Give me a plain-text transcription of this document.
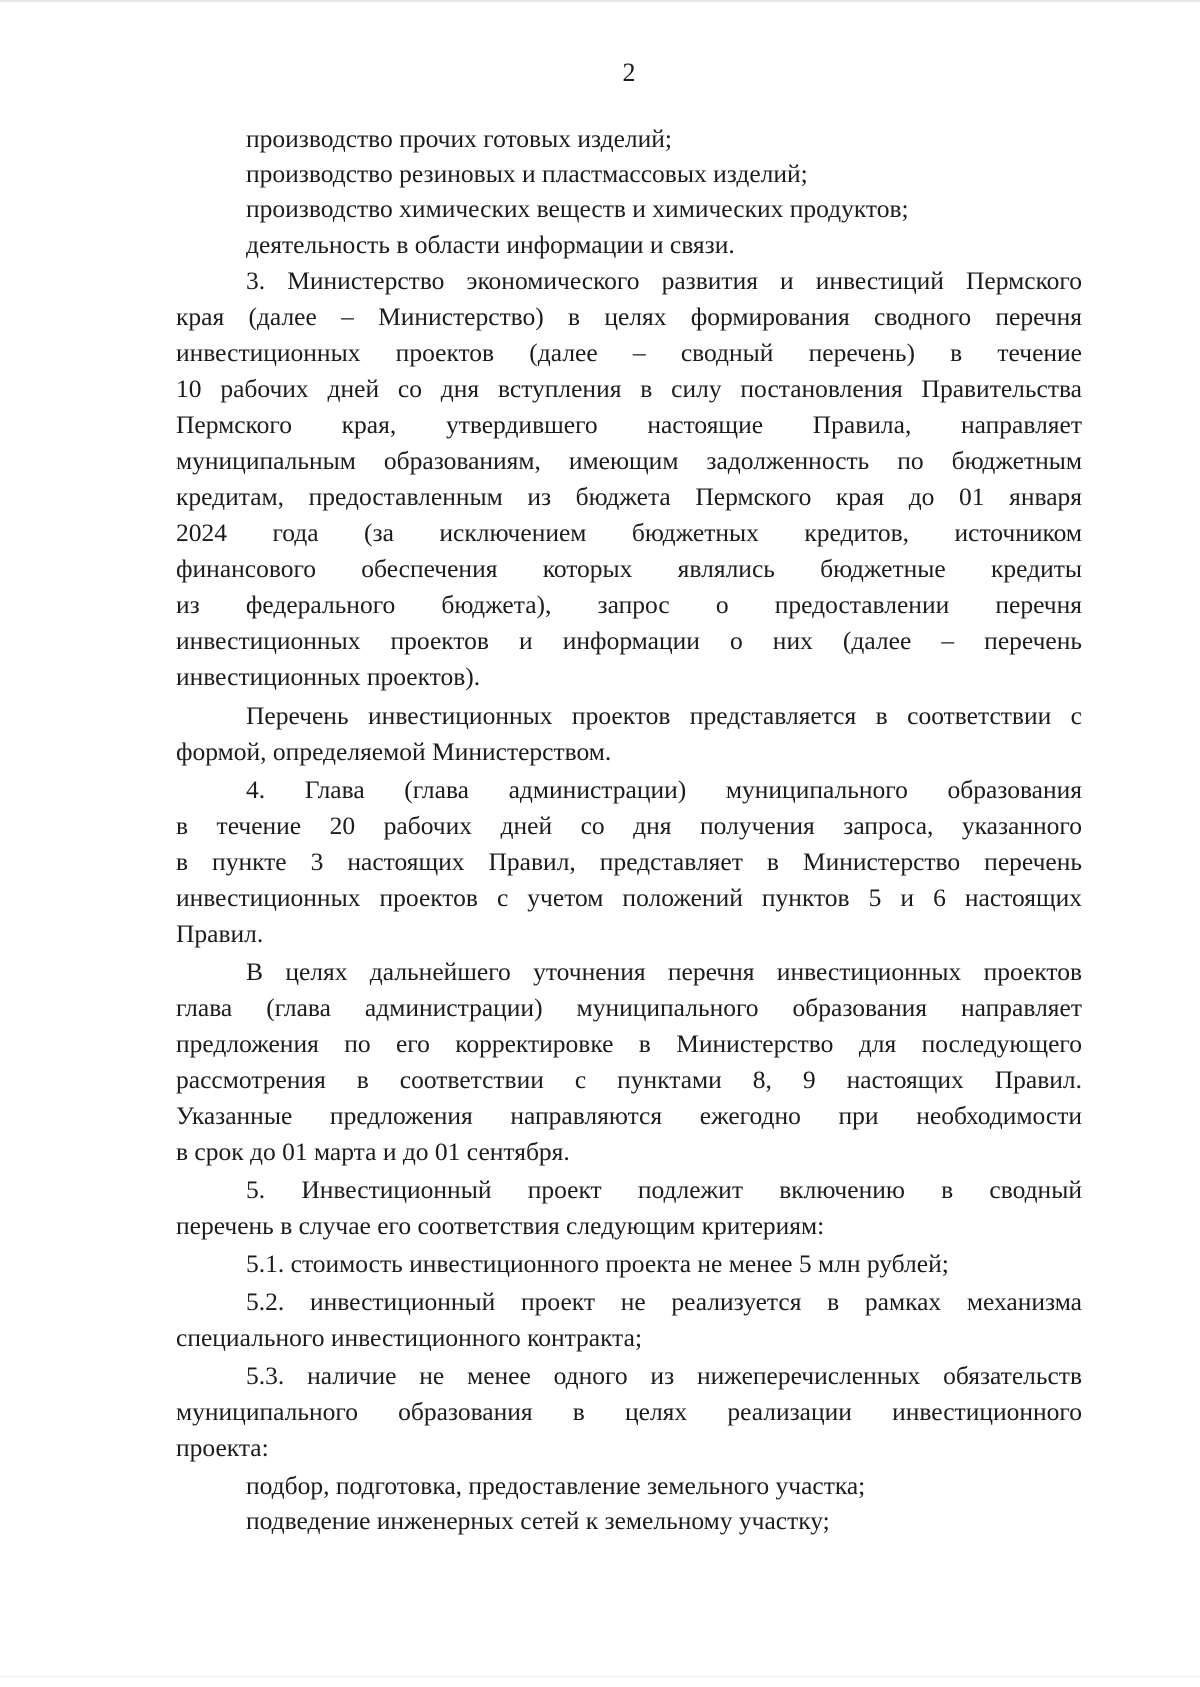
2
производство прочих готовых изделий;
производство резиновых и пластмассовых изделий;
производство химических веществ и химических продуктов;
деятельность в области информации и связи.
3. Министерство экономического развития и инвестиций Пермского
края (далее – Министерство) в целях формирования сводного перечня
инвестиционных проектов (далее – сводный перечень) в течение
10 рабочих дней со дня вступления в силу постановления Правительства
Пермского края, утвердившего настоящие Правила, направляет
муниципальным образованиям, имеющим задолженность по бюджетным
кредитам, предоставленным из бюджета Пермского края до 01 января
2024 года (за исключением бюджетных кредитов, источником
финансового обеспечения которых являлись бюджетные кредиты
из федерального бюджета), запрос о предоставлении перечня
инвестиционных проектов и информации о них (далее – перечень
инвестиционных проектов).
Перечень инвестиционных проектов представляется в соответствии с
формой, определяемой Министерством.
4. Глава (глава администрации) муниципального образования
в течение 20 рабочих дней со дня получения запроса, указанного
в пункте 3 настоящих Правил, представляет в Министерство перечень
инвестиционных проектов с учетом положений пунктов 5 и 6 настоящих
Правил.
В целях дальнейшего уточнения перечня инвестиционных проектов
глава (глава администрации) муниципального образования направляет
предложения по его корректировке в Министерство для последующего
рассмотрения в соответствии с пунктами 8, 9 настоящих Правил.
Указанные предложения направляются ежегодно при необходимости
в срок до 01 марта и до 01 сентября.
5. Инвестиционный проект подлежит включению в сводный
перечень в случае его соответствия следующим критериям:
5.1. стоимость инвестиционного проекта не менее 5 млн рублей;
5.2. инвестиционный проект не реализуется в рамках механизма
специального инвестиционного контракта;
5.3. наличие не менее одного из нижеперечисленных обязательств
муниципального образования в целях реализации инвестиционного
проекта:
подбор, подготовка, предоставление земельного участка;
подведение инженерных сетей к земельному участку;
